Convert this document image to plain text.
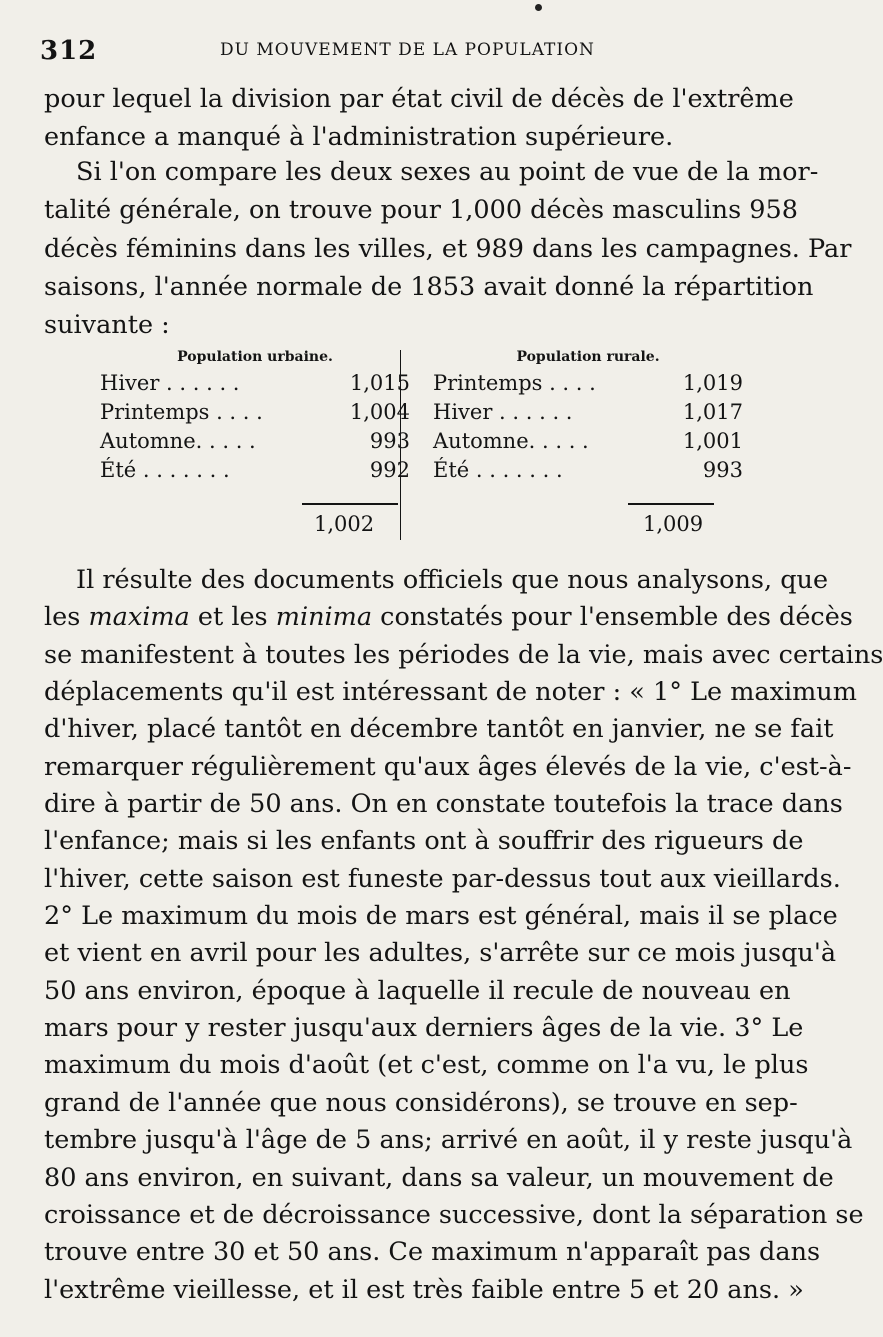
312	DU MOUVEMENT DE LA POPULATION
pour lequel la division par état civil de décès de l'extrême
enfance a manqué à l'administration supérieure.
Si l'on compare les deux sexes au point de vue de la mor-
talité générale, on trouve pour 1,000 décès masculins 958
décès féminins dans les villes, et 989 dans les campagnes. Par
saisons, l'année normale de 1853 avait donné la répartition
suivante :
Population urbaine.
Hiver . . . . . .	1,015
Printemps . . . .	1,004
Automne. . . . .	993
Été . . . . . . .	992
Population rurale.
Printemps . . . .	1,019
Hiver . . . . . .	1,017
Automne. . . . .	1,001
Été . . . . . . .	993
1,002	1,009
Il résulte des documents officiels que nous analysons, que
les maxima et les minima constatés pour l'ensemble des décès
se manifestent à toutes les périodes de la vie, mais avec certains
déplacements qu'il est intéressant de noter : « 1° Le maximum
d'hiver, placé tantôt en décembre tantôt en janvier, ne se fait
remarquer régulièrement qu'aux âges élevés de la vie, c'est-à-
dire à partir de 50 ans. On en constate toutefois la trace dans
l'enfance; mais si les enfants ont à souffrir des rigueurs de
l'hiver, cette saison est funeste par-dessus tout aux vieillards.
2° Le maximum du mois de mars est général, mais il se place
et vient en avril pour les adultes, s'arrête sur ce mois jusqu'à
50 ans environ, époque à laquelle il recule de nouveau en
mars pour y rester jusqu'aux derniers âges de la vie. 3° Le
maximum du mois d'août (et c'est, comme on l'a vu, le plus
grand de l'année que nous considérons), se trouve en sep-
tembre jusqu'à l'âge de 5 ans; arrivé en août, il y reste jusqu'à
80 ans environ, en suivant, dans sa valeur, un mouvement de
croissance et de décroissance successive, dont la séparation se
trouve entre 30 et 50 ans. Ce maximum n'apparaît pas dans
l'extrême vieillesse, et il est très faible entre 5 et 20 ans. »
